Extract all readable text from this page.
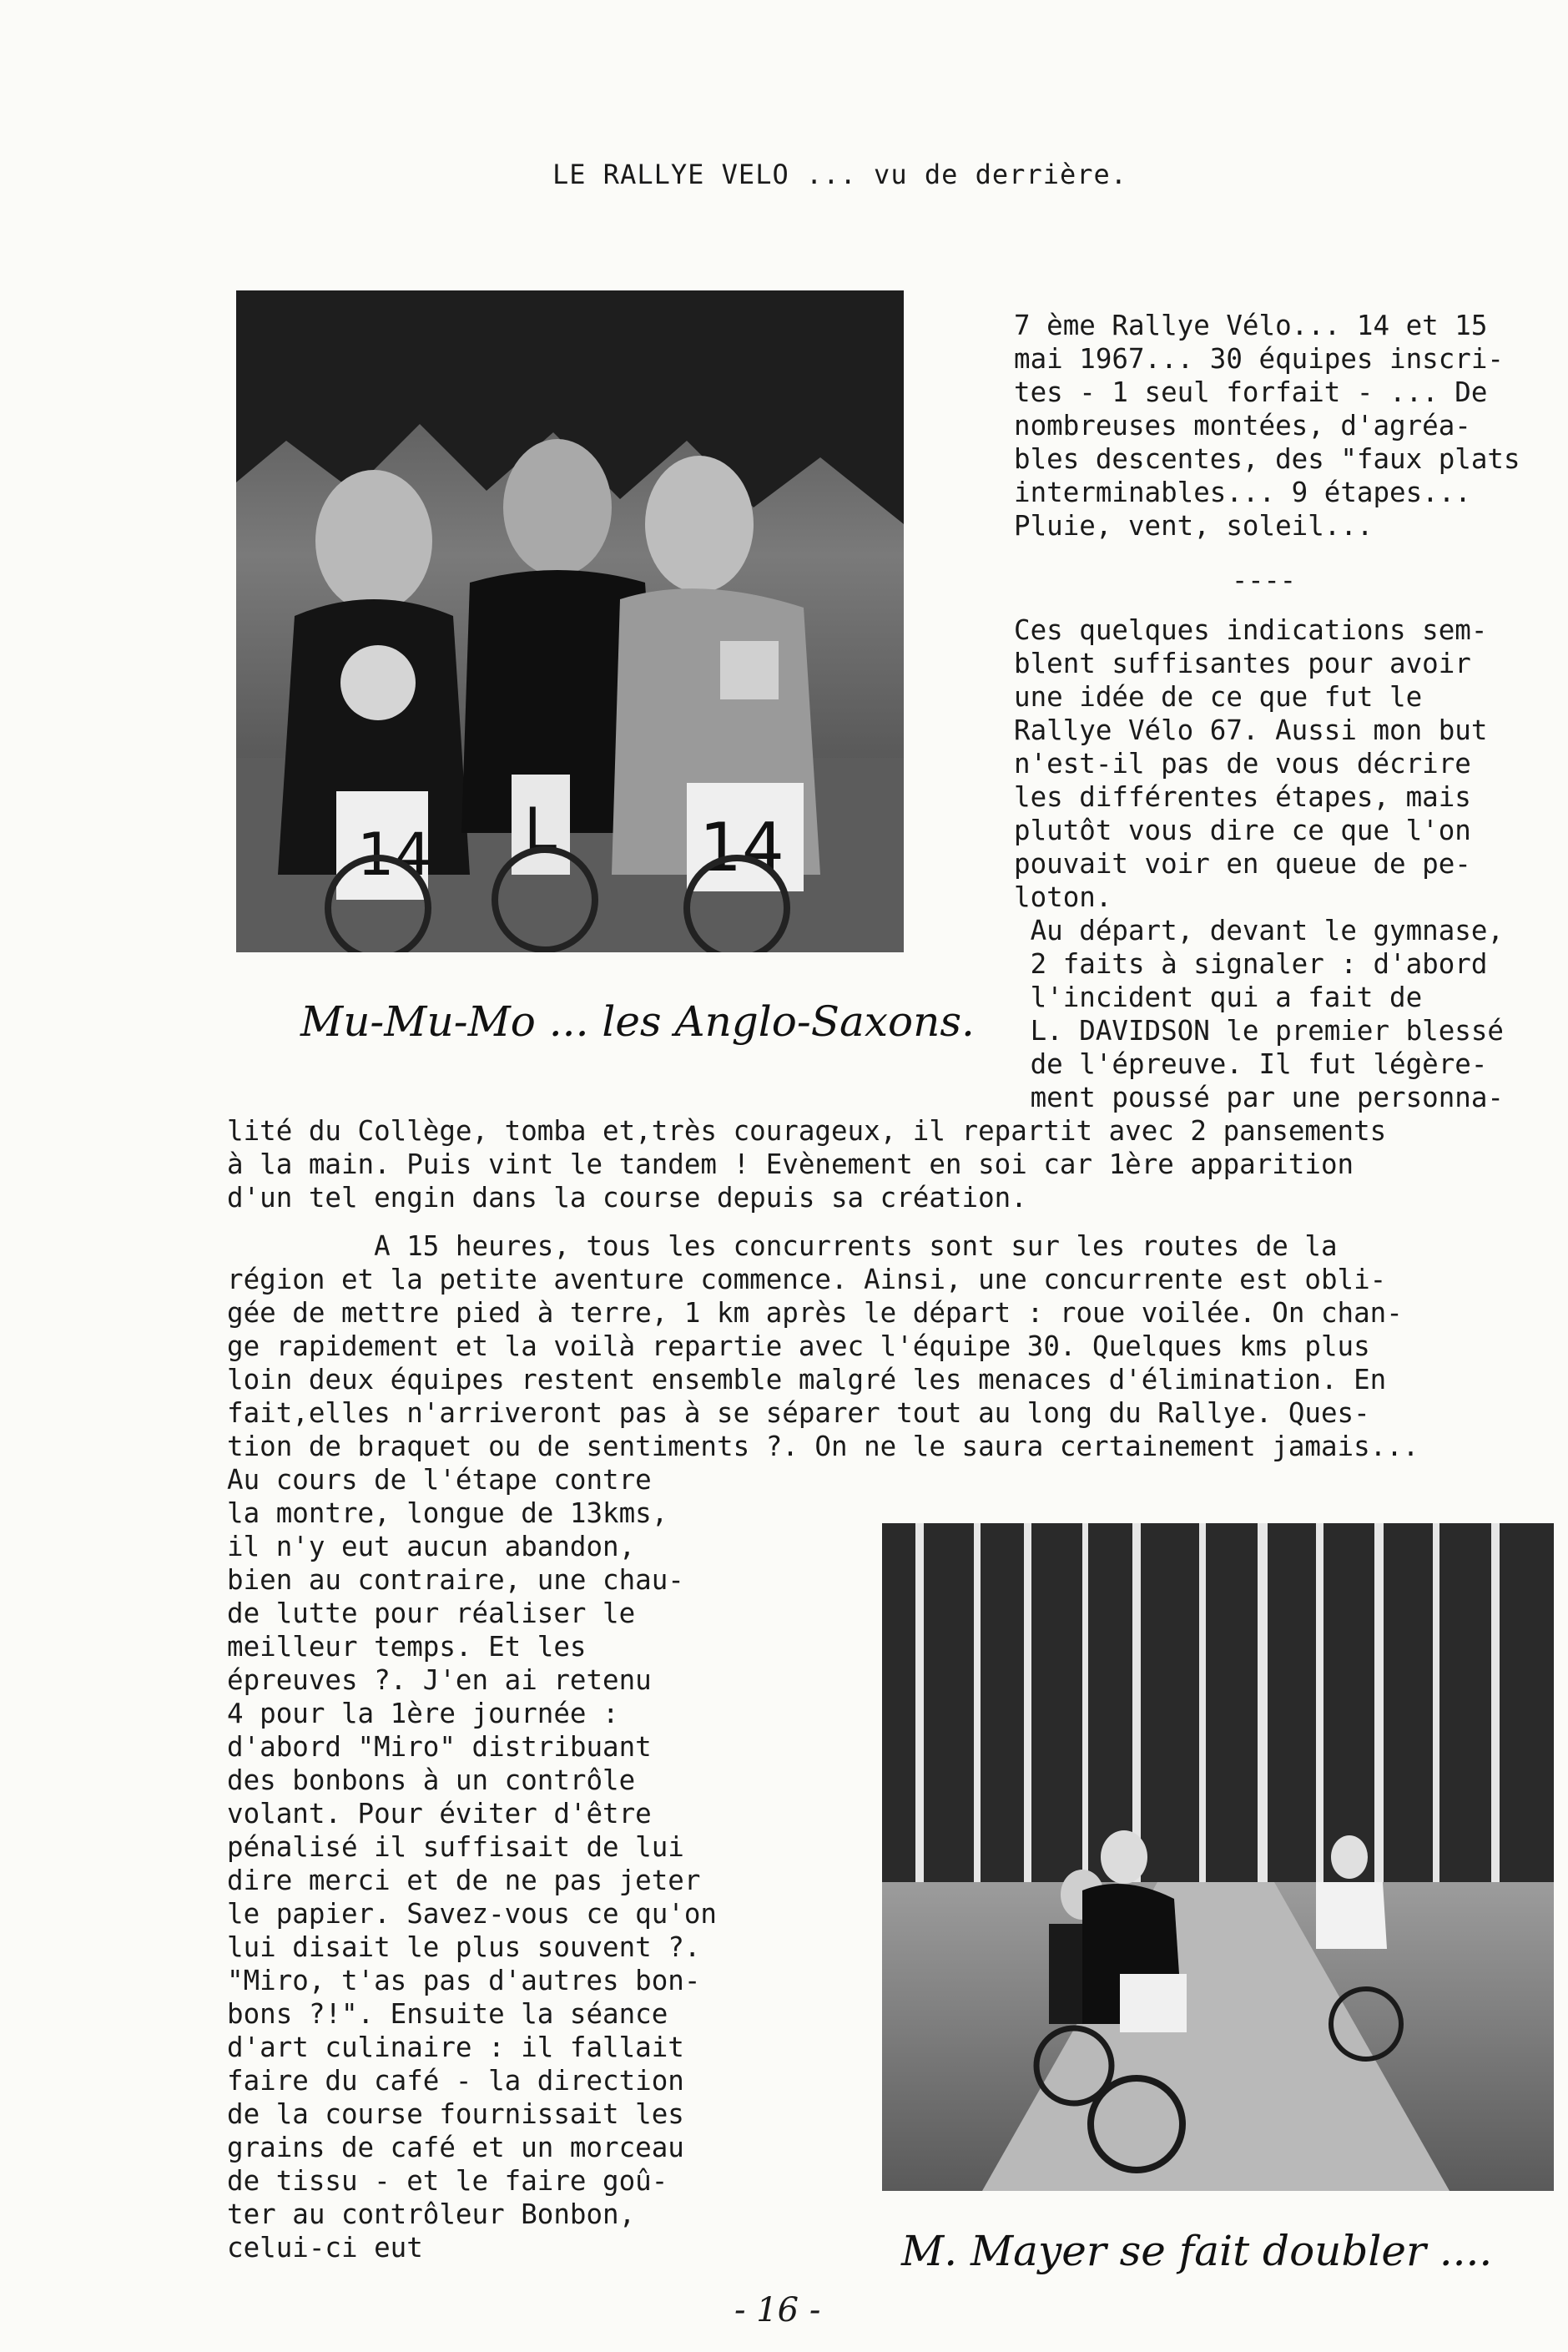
LE RALLYE VELO ... vu de derrière.
14 L 14
Mu-Mu-Mo ... les Anglo-Saxons.
7 ème Rallye Vélo... 14 et 15
mai 1967... 30 équipes inscri-
tes - 1 seul forfait - ... De
nombreuses montées, d'agréa-
bles descentes, des "faux plats
interminables... 9 étapes...
Pluie, vent, soleil...
----
Ces quelques indications sem-
blent suffisantes pour avoir
une idée de ce que fut le
Rallye Vélo 67. Aussi mon but
n'est-il pas de vous décrire
les différentes étapes, mais
plutôt vous dire ce que l'on
pouvait voir en queue de pe-
loton.
Au départ, devant le gymnase,
2 faits à signaler : d'abord
l'incident qui a fait de
L. DAVIDSON le premier blessé
de l'épreuve. Il fut légère-
ment poussé par une personna-
lité du Collège, tomba et,très courageux, il repartit avec 2 pansements
à la main. Puis vint le tandem ! Evènement en soi car 1ère apparition
d'un tel engin dans la course depuis sa création.
A 15 heures, tous les concurrents sont sur les routes de la
région et la petite aventure commence. Ainsi, une concurrente est obli-
gée de mettre pied à terre, 1 km après le départ : roue voilée. On chan-
ge rapidement et la voilà repartie avec l'équipe 30. Quelques kms plus
loin deux équipes restent ensemble malgré les menaces d'élimination. En
fait,elles n'arriveront pas à se séparer tout au long du Rallye. Ques-
tion de braquet ou de sentiments ?. On ne le saura certainement jamais...
Au cours de l'étape contre
la montre, longue de 13kms,
il n'y eut aucun abandon,
bien au contraire, une chau-
de lutte pour réaliser le
meilleur temps. Et les
épreuves ?. J'en ai retenu
4 pour la 1ère journée :
d'abord "Miro" distribuant
des bonbons à un contrôle
volant. Pour éviter d'être
pénalisé il suffisait de lui
dire merci et de ne pas jeter
le papier. Savez-vous ce qu'on
lui disait le plus souvent ?.
"Miro, t'as pas d'autres bon-
bons ?!". Ensuite la séance
d'art culinaire : il fallait
faire du café - la direction
de la course fournissait les
grains de café et un morceau
de tissu - et le faire goû-
ter au contrôleur Bonbon,
celui-ci eut	M. Mayer se fait doubler ....
- 16 -
